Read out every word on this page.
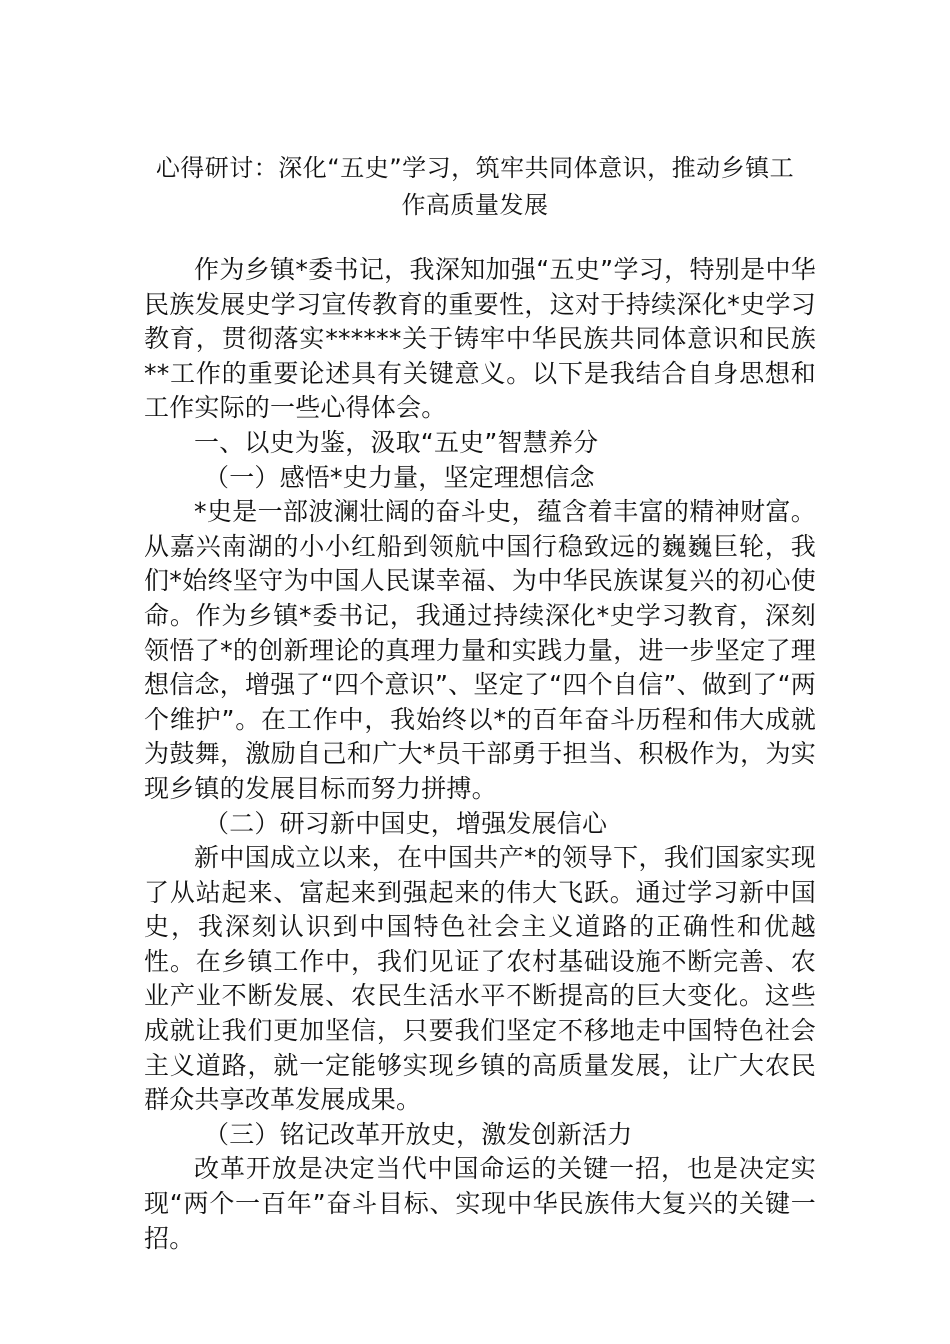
心得研讨：深化“五史”学习，筑牢共同体意识，推动乡镇工
作高质量发展

作为乡镇*委书记，我深知加强“五史”学习，特别是中华民族发展史学习宣传教育的重要性，这对于持续深化*史学习教育，贯彻落实******关于铸牢中华民族共同体意识和民族**工作的重要论述具有关键意义。以下是我结合自身思想和工作实际的一些心得体会。

一、以史为鉴，汲取“五史”智慧养分

（一）感悟*史力量，坚定理想信念

*史是一部波澜壮阔的奋斗史，蕴含着丰富的精神财富。从嘉兴南湖的小小红船到领航中国行稳致远的巍巍巨轮，我们*始终坚守为中国人民谋幸福、为中华民族谋复兴的初心使命。作为乡镇*委书记，我通过持续深化*史学习教育，深刻领悟了*的创新理论的真理力量和实践力量，进一步坚定了理想信念，增强了“四个意识”、坚定了“四个自信”、做到了“两个维护”。在工作中，我始终以*的百年奋斗历程和伟大成就为鼓舞，激励自己和广大*员干部勇于担当、积极作为，为实现乡镇的发展目标而努力拼搏。

（二）研习新中国史，增强发展信心

新中国成立以来，在中国共产*的领导下，我们国家实现了从站起来、富起来到强起来的伟大飞跃。通过学习新中国史，我深刻认识到中国特色社会主义道路的正确性和优越性。在乡镇工作中，我们见证了农村基础设施不断完善、农业产业不断发展、农民生活水平不断提高的巨大变化。这些成就让我们更加坚信，只要我们坚定不移地走中国特色社会主义道路，就一定能够实现乡镇的高质量发展，让广大农民群众共享改革发展成果。

（三）铭记改革开放史，激发创新活力

改革开放是决定当代中国命运的关键一招，也是决定实现“两个一百年”奋斗目标、实现中华民族伟大复兴的关键一招。
